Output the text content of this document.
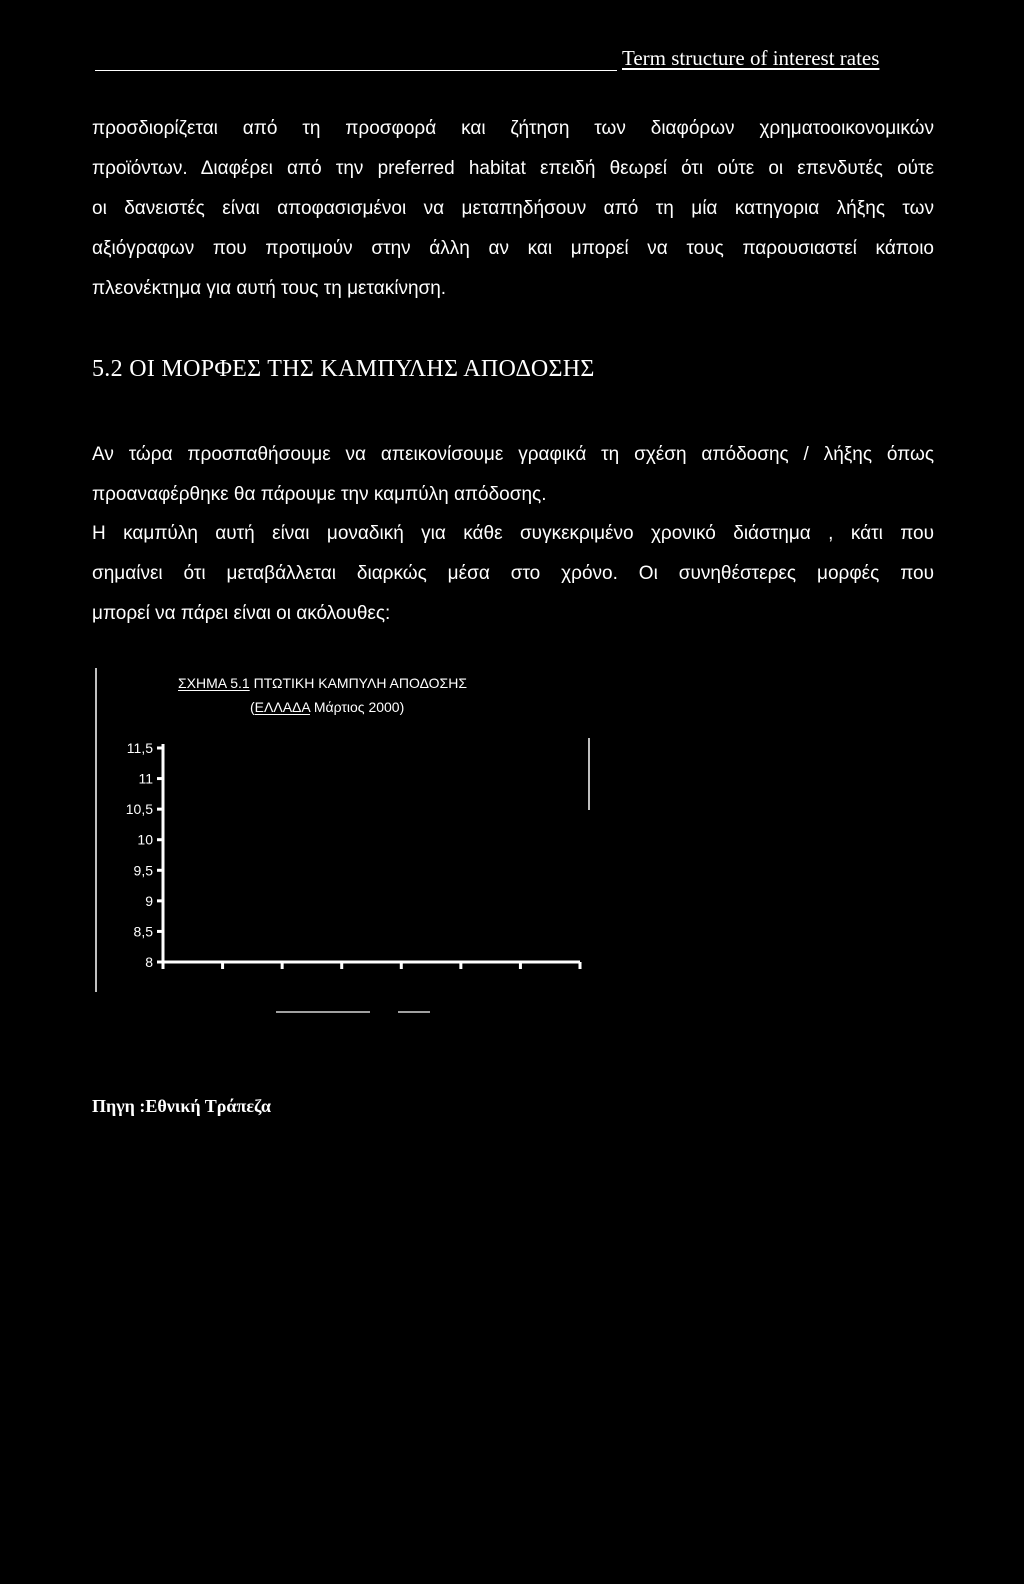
Term structure of interest rates
προσδιορίζεται από τη προσφορά και ζήτηση των διαφόρων χρηματοοικονομικών
προϊόντων. Διαφέρει από την preferred habitat επειδή θεωρεί ότι ούτε οι επενδυτές ούτε
οι δανειστές είναι αποφασισμένοι να μεταπηδήσουν από τη μία κατηγορια λήξης των
αξιόγραφων που προτιμούν στην άλλη αν και μπορεί να τους παρουσιαστεί κάποιο
πλεονέκτημα για αυτή τους τη μετακίνηση.
5.2 ΟΙ ΜΟΡΦΕΣ ΤΗΣ ΚΑΜΠΥΛΗΣ ΑΠΟΔΟΣΗΣ
Αν τώρα προσπαθήσουμε να απεικονίσουμε γραφικά τη σχέση απόδοσης / λήξης όπως
προαναφέρθηκε θα πάρουμε την καμπύλη απόδοσης.
Η καμπύλη αυτή είναι μοναδική για κάθε συγκεκριμένο χρονικό διάστημα , κάτι που
σημαίνει ότι μεταβάλλεται διαρκώς μέσα στο χρόνο. Οι συνηθέστερες μορφές που
μπορεί να πάρει είναι οι ακόλουθες:
ΣΧΗΜΑ 5.1 ΠΤΩΤΙΚΗ ΚΑΜΠΥΛΗ ΑΠΟΔΟΣΗΣ
(ΕΛΛΑΔΑ Μάρτιος 2000)
11,5
11
10,5
10
9,5
9
8,5
8
Πηγη :Εθνική Τράπεζα
